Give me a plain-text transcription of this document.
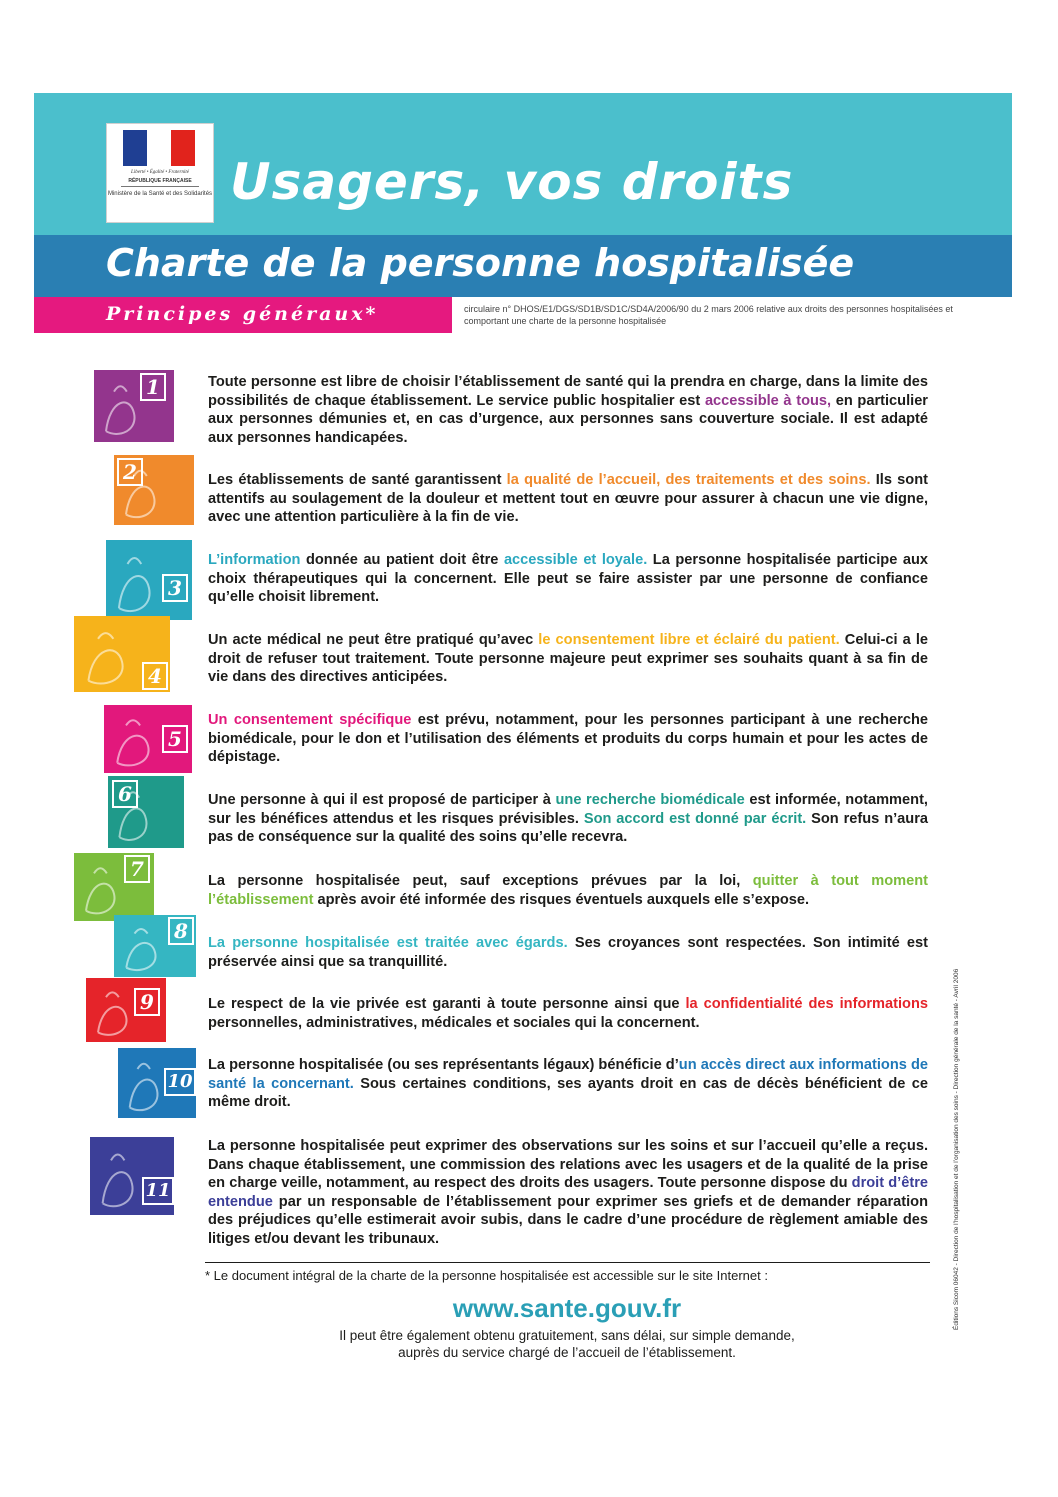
Liberté • Égalité • Fraternité
RÉPUBLIQUE FRANÇAISE
Ministère de la Santé et des Solidarités Usagers, vos droits
Charte de la personne hospitalisée
Principes généraux*	circulaire n° DHOS/E1/DGS/SD1B/SD1C/SD4A/2006/90 du 2 mars 2006 relative aux droits des personnes hospitalisées et comportant une charte de la personne hospitalisée
1	Toute personne est libre de choisir l’établissement de santé qui la prendra en charge, dans la limite des possibilités de chaque établissement. Le service public hospitalier est accessible à tous, en particulier aux personnes démunies et, en cas d’urgence, aux personnes sans couverture sociale. Il est adapté aux personnes handicapées.
2	Les établissements de santé garantissent la qualité de l’accueil, des traitements et des soins. Ils sont attentifs au soulagement de la douleur et mettent tout en œuvre pour assurer à chacun une vie digne, avec une attention particulière à la fin de vie.
3
L’information donnée au patient doit être accessible et loyale. La personne hospitalisée participe aux choix thérapeutiques qui la concernent. Elle peut se faire assister par une personne de confiance qu’elle choisit librement.
4
Un acte médical ne peut être pratiqué qu’avec le consentement libre et éclairé du patient. Celui-ci a le droit de refuser tout traitement. Toute personne majeure peut exprimer ses souhaits quant à sa fin de vie dans des directives anticipées.
5
Un consentement spécifique est prévu, notamment, pour les personnes participant à une recherche biomédicale, pour le don et l’utilisation des éléments et produits du corps humain et pour les actes de dépistage.
6	Une personne à qui il est proposé de participer à une recherche biomédicale est informée, notamment, sur les bénéfices attendus et les risques prévisibles. Son accord est donné par écrit. Son refus n’aura pas de conséquence sur la qualité des soins qu’elle recevra.
7	La personne hospitalisée peut, sauf exceptions prévues par la loi, quitter à tout moment l’établissement après avoir été informée des risques éventuels auxquels elle s’expose.
8	La personne hospitalisée est traitée avec égards. Ses croyances sont respectées. Son intimité est préservée ainsi que sa tranquillité.
9	Le respect de la vie privée est garanti à toute personne ainsi que la confidentialité des informations personnelles, administratives, médicales et sociales qui la concernent.
10
La personne hospitalisée (ou ses représentants légaux) bénéficie d’un accès direct aux informations de santé la concernant. Sous certaines conditions, ses ayants droit en cas de décès bénéficient de ce même droit.
11
La personne hospitalisée peut exprimer des observations sur les soins et sur l’accueil qu’elle a reçus. Dans chaque établissement, une commission des relations avec les usagers et de la qualité de la prise en charge veille, notamment, au respect des droits des usagers. Toute personne dispose du droit d’être entendue par un responsable de l’établissement pour exprimer ses griefs et de demander réparation des préjudices qu’elle estimerait avoir subis, dans le cadre d’une procédure de règlement amiable des litiges et/ou devant les tribunaux.
* Le document intégral de la charte de la personne hospitalisée est accessible sur le site Internet :
www.sante.gouv.fr
Il peut être également obtenu gratuitement, sans délai, sur simple demande,
auprès du service chargé de l’accueil de l’établissement.
Éditions Sicom 06042 - Direction de l’hospitalisation et de l’organisation des soins - Direction générale de la santé - Avril 2006
